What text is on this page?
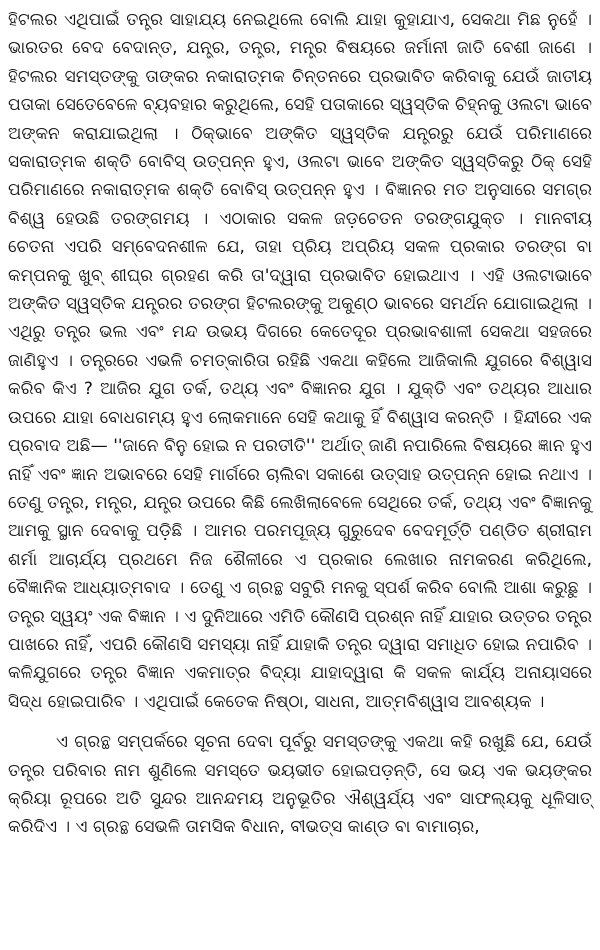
ହିଟଲର ଏଥିପାଇଁ ତନ୍ତ୍ର ସାହାଯ୍ୟ ନେଇଥିଲେ ବୋଲି ଯାହା କୁହାଯାଏ, ସେକଥା ମିଛ ନୁହେଁ । ଭାରତର ବେଦ ବେଦାନ୍ତ, ଯନ୍ତ୍ର, ତନ୍ତ୍ର, ମନ୍ତ୍ର ବିଷୟରେ ଜର୍ମାନୀ ଜାତି ବେଶୀ ଜାଣେ । ହିଟଲର ସମସ୍ତଙ୍କୁ ତାଙ୍କର ନକାରାତ୍ମକ ଚିନ୍ତନରେ ପ୍ରଭାବିତ କରିବାକୁ ଯେଉଁ ଜାତୀୟ ପତାକା ସେତେବେଳେ ବ୍ୟବହାର କରୁଥିଲେ, ସେହି ପତାକାରେ ସ୍ୱସ୍ତିକ ଚିହ୍ନକୁ ଓଲଟା ଭାବେ ଅଙ୍କନ କରାଯାଇଥିଲା । ଠିକ୍‌ଭାବେ ଅଙ୍କିତ ସ୍ୱସ୍ତିକ ଯନ୍ତ୍ରରୁ ଯେଉଁ ପରିମାଣରେ ସକାରାତ୍ମକ ଶକ୍ତି ବୋବିସ୍ ଉତ୍ପନ୍ନ ହୁଏ, ଓଲଟା ଭାବେ ଅଙ୍କିତ ସ୍ୱସ୍ତିକରୁ ଠିକ୍ ସେହି ପରିମାଣରେ ନକାରାତ୍ମକ ଶକ୍ତି ବୋବିସ୍ ଉତ୍ପନ୍ନ ହୁଏ । ବିଜ୍ଞାନର ମତ ଅନୁସାରେ ସମଗ୍ର ବିଶ୍ୱ ହେଉଛି ତରଙ୍ଗମୟ । ଏଠାକାର ସକଳ ଜଡ଼ଚେତନ ତରଙ୍ଗଯୁକ୍ତ । ମାନବୀୟ ଚେତନା ଏପରି ସମ୍ବେଦନଶୀଳ ଯେ, ତାହା ପ୍ରିୟ ଅପ୍ରିୟ ସକଳ ପ୍ରକାର ତରଙ୍ଗ ବା କମ୍ପନକୁ ଖୁବ୍ ଶୀଘ୍ର ଗ୍ରହଣ କରି ତା'ଦ୍ୱାରା ପ୍ରଭାବିତ ହୋଇଥାଏ । ଏହି ଓଲଟାଭାବେ ଅଙ୍କିତ ସ୍ୱସ୍ତିକ ଯନ୍ତ୍ରର ତରଙ୍ଗ ହିଟଲରଙ୍କୁ ଅକୁଣ୍ଠ ଭାବରେ ସମର୍ଥନ ଯୋଗାଇଥିଲା । ଏଥିରୁ ତନ୍ତ୍ର ଭଲ ଏବଂ ମନ୍ଦ ଉଭୟ ଦିଗରେ କେତେଦୂର ପ୍ରଭାବଶାଳୀ ସେକଥା ସହଜରେ ଜାଣିହୁଏ । ତନ୍ତ୍ରରେ ଏଭଳି ଚମତ୍କାରିତା ରହିଛି ଏକଥା କହିଲେ ଆଜିକାଲି ଯୁଗରେ ବିଶ୍ୱାସ କରିବ କିଏ ? ଆଜିର ଯୁଗ ତର୍କ, ତଥ୍ୟ ଏବଂ ବିଜ୍ଞାନର ଯୁଗ । ଯୁକ୍ତି ଏବଂ ତଥ୍ୟର ଆଧାର ଉପରେ ଯାହା ବୋଧଗମ୍ୟ ହୁଏ ଲୋକମାନେ ସେହି କଥାକୁ ହିଁ ବିଶ୍ୱାସ କରନ୍ତି । ହିନ୍ଦୀରେ ଏକ ପ୍ରବାଦ ଅଛି— ''ଜାନେ ବିନୁ ହୋଇ ନ ପରତୀତି'' ଅର୍ଥାତ୍ ଜାଣି ନପାରିଲେ ବିଷୟରେ ଜ୍ଞାନ ହୁଏ ନାହିଁ ଏବଂ ଜ୍ଞାନ ଅଭାବରେ ସେହି ମାର୍ଗରେ ଚାଲିବା ସକାଶେ ଉତ୍ସାହ ଉତ୍ପନ୍ନ ହୋଇ ନଥାଏ । ତେଣୁ ତନ୍ତ୍ର, ମନ୍ତ୍ର, ଯନ୍ତ୍ର ଉପରେ କିଛି ଲେଖିଲାବେଳେ ସେଥିରେ ତର୍କ, ତଥ୍ୟ ଏବଂ ବିଜ୍ଞାନକୁ ଆମକୁ ସ୍ଥାନ ଦେବାକୁ ପଡ଼ିଛି । ଆମର ପରମପୂଜ୍ୟ ଗୁରୁଦେବ ବେଦମୂର୍ତ୍ତି ପଣ୍ଡିତ ଶ୍ରୀରାମ ଶର୍ମା ଆଚାର୍ଯ୍ୟ ପ୍ରଥମେ ନିଜ ଶୈଳୀରେ ଏ ପ୍ରକାର ଲେଖାର ନାମକରଣ କରିଥିଲେ, ବୈଜ୍ଞାନିକ ଆଧ୍ୟାତ୍ମବାଦ । ତେଣୁ ଏ ଗ୍ରନ୍ଥ ସବୁରି ମନକୁ ସ୍ପର୍ଶ କରିବ ବୋଲି ଆଶା କରୁଛୁ । ତନ୍ତ୍ର ସ୍ୱୟଂ ଏକ ବିଜ୍ଞାନ । ଏ ଦୁନିଆରେ ଏମିତି କୌଣସି ପ୍ରଶ୍ନ ନାହିଁ ଯାହାର ଉତ୍ତର ତନ୍ତ୍ର ପାଖରେ ନାହିଁ, ଏପରି କୌଣସି ସମସ୍ୟା ନାହିଁ ଯାହାକି ତନ୍ତ୍ର ଦ୍ୱାରା ସମାଧିତ ହୋଇ ନପାରିବ । କଳିଯୁଗରେ ତନ୍ତ୍ର ବିଜ୍ଞାନ ଏକମାତ୍ର ବିଦ୍ୟା ଯାହାଦ୍ୱାରା କି ସକଳ କାର୍ଯ୍ୟ ଅନାୟାସରେ ସିଦ୍ଧ ହୋଇପାରିବ । ଏଥିପାଇଁ କେତେକ ନିଷ୍ଠା, ସାଧନା, ଆତ୍ମବିଶ୍ୱାସ ଆବଶ୍ୟକ ।

ଏ ଗ୍ରନ୍ଥ ସମ୍ପର୍କରେ ସୂଚନା ଦେବା ପୂର୍ବରୁ ସମସ୍ତଙ୍କୁ ଏକଥା କହି ରଖୁଛି ଯେ, ଯେଉଁ ତନ୍ତ୍ର ପରିବାର ନାମ ଶୁଣିଲେ ସମସ୍ତେ ଭୟଭୀତ ହୋଇପଡ଼ନ୍ତି, ସେ ଭୟ ଏକ ଭୟଙ୍କର କ୍ରିୟା ରୂପରେ ଅତି ସୁନ୍ଦର ଆନନ୍ଦମୟ ଅନୁଭୂତିର ଐଶ୍ୱର୍ଯ୍ୟ ଏବଂ ସାଫଲ୍ୟକୁ ଧୂଳିସାତ୍ କରିଦିଏ । ଏ ଗ୍ରନ୍ଥ ସେଭଳି ତାମସିକ ବିଧାନ, ବୀଭତ୍ସ କାଣ୍ଡ ବା ବାମାଚାର,
